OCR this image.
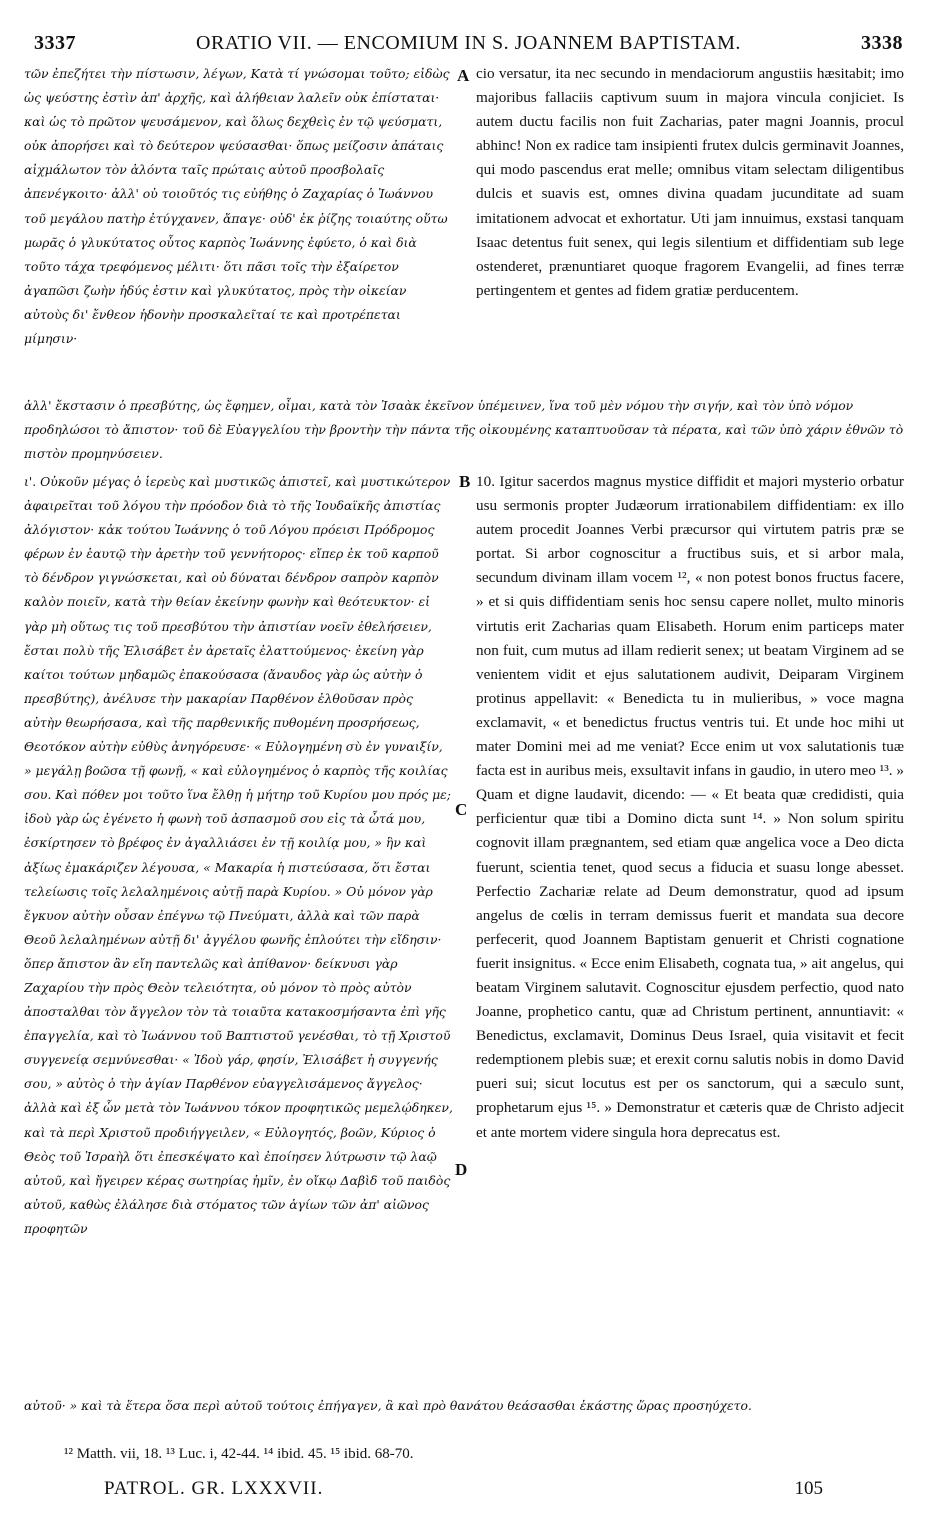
3337	ORATIO VII. — ENCOMIUM IN S. JOANNEM BAPTISTAM.	3338

τῶν ἐπεζήτει τὴν πίστωσιν, λέγων, Κατὰ τί γνώσομαι τοῦτο; εἰδὼς ὡς ψεύστης ἐστὶν ἀπ' ἀρχῆς, καὶ ἀλήθειαν λαλεῖν οὐκ ἐπίσταται· καὶ ὡς τὸ πρῶτον ψευσάμενον, καὶ ὅλως δεχθεὶς ἐν τῷ ψεύσματι, οὐκ ἀπορήσει καὶ τὸ δεύτερον ψεύσασθαι· ὅπως μείζοσιν ἀπάταις αἰχμάλωτον τὸν ἁλόντα ταῖς πρώταις αὐτοῦ προσβολαῖς ἀπενέγκοιτο· ἀλλ' οὐ τοιοῦτός τις εὐήθης ὁ Ζαχαρίας ὁ Ἰωάννου τοῦ μεγάλου πατὴρ ἐτύγχανεν, ἄπαγε· οὐδ' ἐκ ῥίζης τοιαύτης οὕτω μωρᾶς ὁ γλυκύτατος οὗτος καρπὸς Ἰωάννης ἐφύετο, ὁ καὶ διὰ τοῦτο τάχα τρεφόμενος μέλιτι· ὅτι πᾶσι τοῖς τὴν ἐξαίρετον ἀγαπῶσι ζωὴν ἡδύς ἐστιν καὶ γλυκύτατος, πρὸς τὴν οἰκείαν αὐτοὺς δι' ἔνθεον ἡδονὴν προσκαλεῖταί τε καὶ προτρέπεται μίμησιν·

A cio versatur, ita nec secundo in mendaciorum angustiis hæsitabit; imo majoribus fallaciis captivum suum in majora vincula conjiciet. Is autem ductu facilis non fuit Zacharias, pater magni Joannis, procul abhinc! Non ex radice tam insipienti frutex dulcis germinavit Joannes, qui modo pascendus erat melle; omnibus vitam selectam diligentibus dulcis et suavis est, omnes divina quadam jucunditate ad suam imitationem advocat et exhortatur. Uti jam innuimus, exstasi tanquam Isaac detentus fuit senex, qui legis silentium et diffidentiam sub lege ostenderet, prænuntiaret quoque fragorem Evangelii, ad fines terræ pertingentem et gentes ad fidem gratiæ perducentem.

ἀλλ' ἔκστασιν ὁ πρεσβύτης, ὡς ἔφημεν, οἶμαι, κατὰ τὸν Ἰσαὰκ ἐκεῖνον ὑπέμεινεν, ἵνα τοῦ μὲν νόμου τὴν σιγήν, καὶ τὸν ὑπὸ νόμον προδηλώσοι τὸ ἄπιστον· τοῦ δὲ Εὐαγγελίου τὴν βροντὴν τὴν πάντα τῆς οἰκουμένης καταπτυοῦσαν τὰ πέρατα, καὶ τῶν ὑπὸ χάριν ἐθνῶν τὸ πιστὸν προμηνύσειεν.

ι'. Οὐκοῦν μέγας ὁ ἱερεὺς καὶ μυστικῶς ἀπιστεῖ, καὶ μυστικώτερον ἀφαιρεῖται τοῦ λόγου τὴν πρόοδον διὰ τὸ τῆς Ἰουδαϊκῆς ἀπιστίας ἀλόγιστον· κἀκ τούτου Ἰωάννης ὁ τοῦ Λόγου πρόεισι Πρόδρομος φέρων ἐν ἑαυτῷ τὴν ἀρετὴν τοῦ γεννήτορος· εἴπερ ἐκ τοῦ καρποῦ τὸ δένδρον γιγνώσκεται, καὶ οὐ δύναται δένδρον σαπρὸν καρπὸν καλὸν ποιεῖν, κατὰ τὴν θείαν ἐκείνην φωνὴν καὶ θεότευκτον· εἰ γὰρ μὴ οὕτως τις τοῦ πρεσβύτου τὴν ἀπιστίαν νοεῖν ἐθελήσειεν, ἔσται πολὺ τῆς Ἐλισάβετ ἐν ἀρεταῖς ἐλαττούμενος· ἐκείνη γὰρ καίτοι τούτων μηδαμῶς ἐπακούσασα (ἄναυδος γὰρ ὡς αὐτὴν ὁ πρεσβύτης), ἀνέλυσε τὴν μακαρίαν Παρθένον ἐλθοῦσαν πρὸς αὐτὴν θεωρήσασα, καὶ τῆς παρθενικῆς πυθομένη προσρήσεως, Θεοτόκον αὐτὴν εὐθὺς ἀνηγόρευσε· « Εὐλογημένη σὺ ἐν γυναιξίν, » μεγάλῃ βοῶσα τῇ φωνῇ, « καὶ εὐλογημένος ὁ καρπὸς τῆς κοιλίας σου. Καὶ πόθεν μοι τοῦτο ἵνα ἔλθῃ ἡ μήτηρ τοῦ Κυρίου μου πρός με; ἰδοὺ γὰρ ὡς ἐγένετο ἡ φωνὴ τοῦ ἀσπασμοῦ σου εἰς τὰ ὦτά μου, ἐσκίρτησεν τὸ βρέφος ἐν ἀγαλλιάσει ἐν τῇ κοιλίᾳ μου, » ἣν καὶ ἀξίως ἐμακάριζεν λέγουσα, « Μακαρία ἡ πιστεύσασα, ὅτι ἔσται τελείωσις τοῖς λελαλημένοις αὐτῇ παρὰ Κυρίου. » Οὐ μόνον γὰρ ἔγκυον αὐτὴν οὖσαν ἐπέγνω τῷ Πνεύματι, ἀλλὰ καὶ τῶν παρὰ Θεοῦ λελαλημένων αὐτῇ δι' ἀγγέλου φωνῆς ἐπλούτει τὴν εἴδησιν· ὅπερ ἄπιστον ἂν εἴη παντελῶς καὶ ἀπίθανον· δείκνυσι γὰρ Ζαχαρίου τὴν πρὸς Θεὸν τελειότητα, οὐ μόνον τὸ πρὸς αὐτὸν ἀποσταλθαι τὸν ἄγγελον τὸν τὰ τοιαῦτα κατακοσμήσαντα ἐπὶ γῆς ἐπαγγελία, καὶ τὸ Ἰωάννου τοῦ Βαπτιστοῦ γενέσθαι, τὸ τῇ Χριστοῦ συγγενείᾳ σεμνύνεσθαι· « Ἰδοὺ γάρ, φησίν, Ἐλισάβετ ἡ συγγενής σου, » αὐτὸς ὁ τὴν ἁγίαν Παρθένον εὐαγγελισάμενος ἄγγελος· ἀλλὰ καὶ ἐξ ὧν μετὰ τὸν Ἰωάννου τόκον προφητικῶς μεμελῴδηκεν, καὶ τὰ περὶ Χριστοῦ προδιήγγειλεν, « Εὐλογητός, βοῶν, Κύριος ὁ Θεὸς τοῦ Ἰσραὴλ ὅτι ἐπεσκέψατο καὶ ἐποίησεν λύτρωσιν τῷ λαῷ αὐτοῦ, καὶ ἤγειρεν κέρας σωτηρίας ἡμῖν, ἐν οἴκῳ Δαβὶδ τοῦ παιδὸς αὐτοῦ, καθὼς ἐλάλησε διὰ στόματος τῶν ἁγίων τῶν ἀπ' αἰῶνος προφητῶν

B
C
D

10. Igitur sacerdos magnus mystice diffidit et majori mysterio orbatur usu sermonis propter Judæorum irrationabilem diffidentiam: ex illo autem procedit Joannes Verbi præcursor qui virtutem patris præ se portat. Si arbor cognoscitur a fructibus suis, et si arbor mala, secundum divinam illam vocem ¹², « non potest bonos fructus facere, » et si quis diffidentiam senis hoc sensu capere nollet, multo minoris virtutis erit Zacharias quam Elisabeth. Horum enim particeps mater non fuit, cum mutus ad illam redierit senex; ut beatam Virginem ad se venientem vidit et ejus salutationem audivit, Deiparam Virginem protinus appellavit: « Benedicta tu in mulieribus, » voce magna exclamavit, « et benedictus fructus ventris tui. Et unde hoc mihi ut mater Domini mei ad me veniat? Ecce enim ut vox salutationis tuæ facta est in auribus meis, exsultavit infans in gaudio, in utero meo ¹³. » Quam et digne laudavit, dicendo: — « Et beata quæ credidisti, quia perficientur quæ tibi a Domino dicta sunt ¹⁴. » Non solum spiritu cognovit illam prægnantem, sed etiam quæ angelica voce a Deo dicta fuerunt, scientia tenet, quod secus a fiducia et suasu longe abesset. Perfectio Zachariæ relate ad Deum demonstratur, quod ad ipsum angelus de cœlis in terram demissus fuerit et mandata sua decore perfecerit, quod Joannem Baptistam genuerit et Christi cognatione fuerit insignitus. « Ecce enim Elisabeth, cognata tua, » ait angelus, qui beatam Virginem salutavit. Cognoscitur ejusdem perfectio, quod nato Joanne, prophetico cantu, quæ ad Christum pertinent, annuntiavit: « Benedictus, exclamavit, Dominus Deus Israel, quia visitavit et fecit redemptionem plebis suæ; et erexit cornu salutis nobis in domo David pueri sui; sicut locutus est per os sanctorum, qui a sæculo sunt, prophetarum ejus ¹⁵. » Demonstratur et cæteris quæ de Christo adjecit et ante mortem videre singula hora deprecatus est.

αὐτοῦ· » καὶ τὰ ἕτερα ὅσα περὶ αὐτοῦ τούτοις ἐπήγαγεν, ἃ καὶ πρὸ θανάτου θεάσασθαι ἑκάστης ὥρας προσηύχετο.
¹² Matth. vii, 18. ¹³ Luc. i, 42-44. ¹⁴ ibid. 45. ¹⁵ ibid. 68-70.
PATROL. GR. LXXXVII.	105
